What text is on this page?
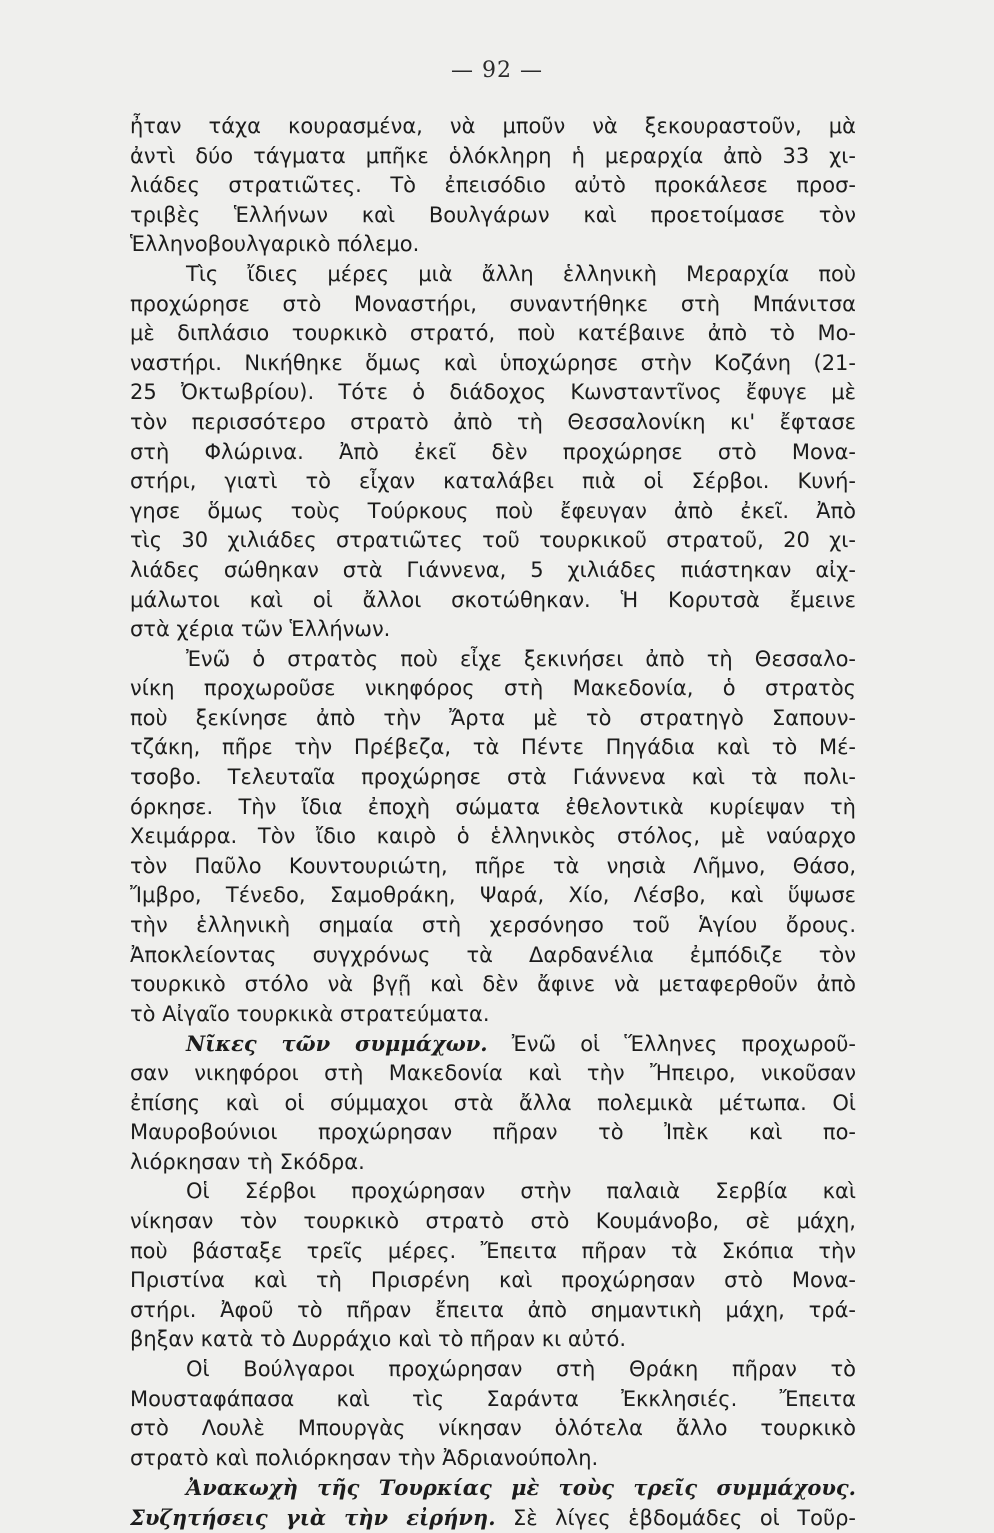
— 92 —
ἦταν τάχα κουρασμένα, νὰ μποῦν νὰ ξεκουραστοῦν, μὰ
ἀντὶ δύο τάγματα μπῆκε ὁλόκληρη ἡ μεραρχία ἀπὸ 33 χι-
λιάδες στρατιῶτες. Τὸ ἐπεισόδιο αὐτὸ προκάλεσε προσ-
τριβὲς Ἑλλήνων καὶ Βουλγάρων καὶ προετοίμασε τὸν
Ἑλληνοβουλγαρικὸ πόλεμο.
Τὶς ἴδιες μέρες μιὰ ἄλλη ἑλληνικὴ Μεραρχία ποὺ
προχώρησε στὸ Μοναστήρι, συναντήθηκε στὴ Μπάνιτσα
μὲ διπλάσιο τουρκικὸ στρατό, ποὺ κατέβαινε ἀπὸ τὸ Μο-
ναστήρι. Νικήθηκε ὅμως καὶ ὑποχώρησε στὴν Κοζάνη (21-
25 Ὀκτωβρίου). Τότε ὁ διάδοχος Κωνσταντῖνος ἔφυγε μὲ
τὸν περισσότερο στρατὸ ἀπὸ τὴ Θεσσαλονίκη κι' ἔφτασε
στὴ Φλώρινα. Ἀπὸ ἐκεῖ δὲν προχώρησε στὸ Μονα-
στήρι, γιατὶ τὸ εἶχαν καταλάβει πιὰ οἱ Σέρβοι. Κυνή-
γησε ὅμως τοὺς Τούρκους ποὺ ἔφευγαν ἀπὸ ἐκεῖ. Ἀπὸ
τὶς 30 χιλιάδες στρατιῶτες τοῦ τουρκικοῦ στρατοῦ, 20 χι-
λιάδες σώθηκαν στὰ Γιάννενα, 5 χιλιάδες πιάστηκαν αἰχ-
μάλωτοι καὶ οἱ ἄλλοι σκοτώθηκαν. Ἡ Κορυτσὰ ἔμεινε
στὰ χέρια τῶν Ἑλλήνων.
Ἐνῶ ὁ στρατὸς ποὺ εἶχε ξεκινήσει ἀπὸ τὴ Θεσσαλο-
νίκη προχωροῦσε νικηφόρος στὴ Μακεδονία, ὁ στρατὸς
ποὺ ξεκίνησε ἀπὸ τὴν Ἄρτα μὲ τὸ στρατηγὸ Σαπουν-
τζάκη, πῆρε τὴν Πρέβεζα, τὰ Πέντε Πηγάδια καὶ τὸ Μέ-
τσοβο. Τελευταῖα προχώρησε στὰ Γιάννενα καὶ τὰ πολι-
όρκησε. Τὴν ἴδια ἐποχὴ σώματα ἐθελοντικὰ κυρίεψαν τὴ
Χειμάρρα. Τὸν ἴδιο καιρὸ ὁ ἑλληνικὸς στόλος, μὲ ναύαρχο
τὸν Παῦλο Κουντουριώτη, πῆρε τὰ νησιὰ Λῆμνο, Θάσο,
Ἴμβρο, Τένεδο, Σαμοθράκη, Ψαρά, Χίο, Λέσβο, καὶ ὕψωσε
τὴν ἑλληνικὴ σημαία στὴ χερσόνησο τοῦ Ἁγίου ὄρους.
Ἀποκλείοντας συγχρόνως τὰ Δαρδανέλια ἐμπόδιζε τὸν
τουρκικὸ στόλο νὰ βγῇ καὶ δὲν ἄφινε νὰ μεταφερθοῦν ἀπὸ
τὸ Αἰγαῖο τουρκικὰ στρατεύματα.
Νῖκες τῶν συμμάχων. Ἐνῶ οἱ Ἕλληνες προχωροῦ-
σαν νικηφόροι στὴ Μακεδονία καὶ τὴν Ἤπειρο, νικοῦσαν
ἐπίσης καὶ οἱ σύμμαχοι στὰ ἄλλα πολεμικὰ μέτωπα. Οἱ
Μαυροβούνιοι προχώρησαν πῆραν τὸ Ἰπὲκ καὶ πο-
λιόρκησαν τὴ Σκόδρα.
Οἱ Σέρβοι προχώρησαν στὴν παλαιὰ Σερβία καὶ
νίκησαν τὸν τουρκικὸ στρατὸ στὸ Κουμάνοβο, σὲ μάχη,
ποὺ βάσταξε τρεῖς μέρες. Ἔπειτα πῆραν τὰ Σκόπια τὴν
Πριστίνα καὶ τὴ Πρισρένη καὶ προχώρησαν στὸ Μονα-
στήρι. Ἀφοῦ τὸ πῆραν ἔπειτα ἀπὸ σημαντικὴ μάχη, τρά-
βηξαν κατὰ τὸ Δυρράχιο καὶ τὸ πῆραν κι αὐτό.
Οἱ Βούλγαροι προχώρησαν στὴ Θράκη πῆραν τὸ
Μουσταφάπασα καὶ τὶς Σαράντα Ἐκκλησιές. Ἔπειτα
στὸ Λουλὲ Μπουργὰς νίκησαν ὁλότελα ἄλλο τουρκικὸ
στρατὸ καὶ πολιόρκησαν τὴν Ἀδριανούπολη.
Ἀνακωχὴ τῆς Τουρκίας μὲ τοὺς τρεῖς συμμάχους.
Συζητήσεις γιὰ τὴν εἰρήνη. Σὲ λίγες ἑβδομάδες οἱ Τοῦρ-
